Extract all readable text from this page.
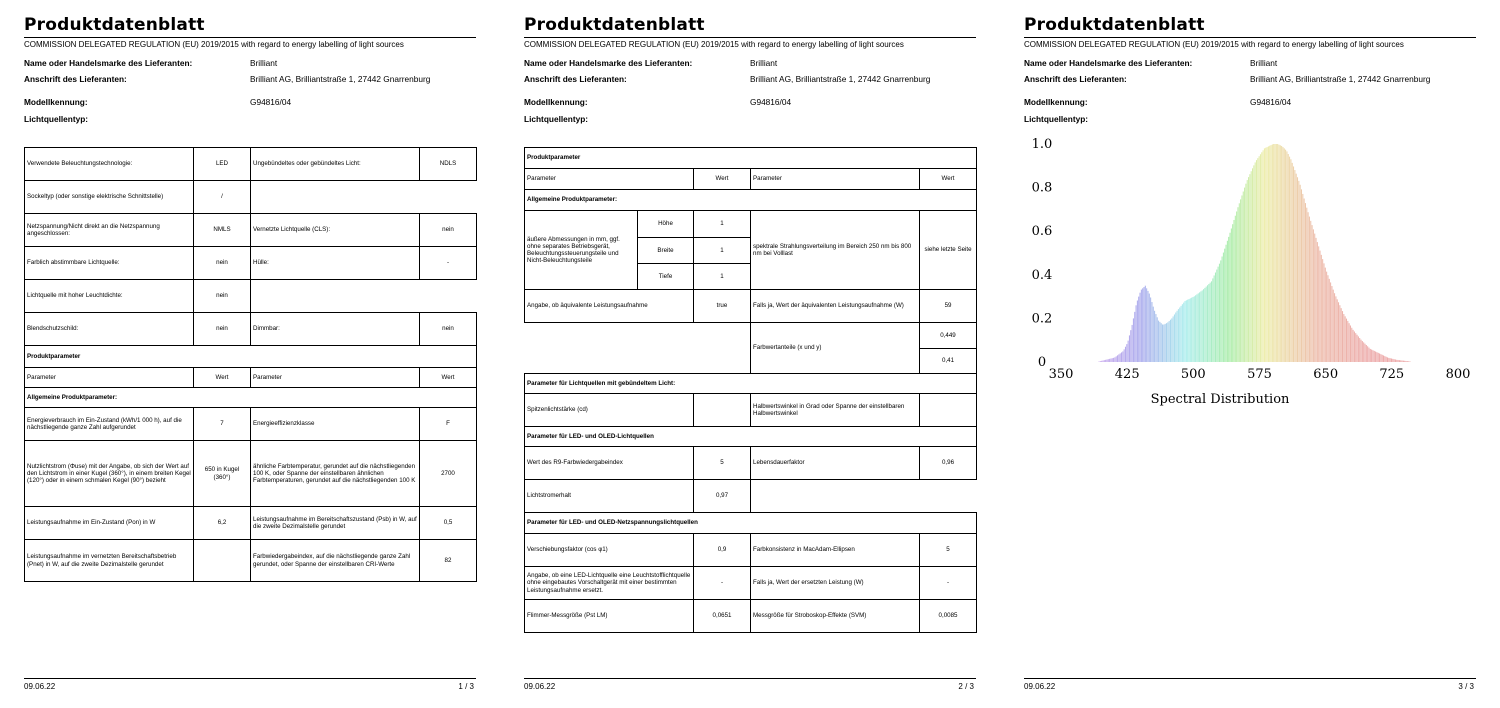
Produktdatenblatt
COMMISSION DELEGATED REGULATION (EU) 2019/2015 with regard to energy labelling of light sources
Name oder Handelsmarke des Lieferanten:	Brilliant
Anschrift des Lieferanten:	Brilliant AG, Brilliantstraße 1, 27442 Gnarrenburg
Modellkennung:	G94816/04
Lichtquellentyp:
Verwendete Beleuchtungstechnologie:	LED	Ungebündeltes oder gebündeltes Licht:	NDLS
Sockeltyp (oder sonstige elektrische Schnittstelle)	/		
Netzspannung/Nicht direkt an die Netzspannung angeschlossen:	NMLS	Vernetzte Lichtquelle (CLS):	nein
Farblich abstimmbare Lichtquelle:	nein	Hülle:	-
Lichtquelle mit hoher Leuchtdichte:	nein		
Blendschutzschild:	nein	Dimmbar:	nein
Produktparameter			
Parameter	Wert	Parameter	Wert
Allgemeine Produktparameter:			
Energieverbrauch im Ein-Zustand (kWh/1 000 h), auf die nächstliegende ganze Zahl aufgerundet	7	Energieeffizienzklasse	F
Nutzlichtstrom (Φuse) mit der Angabe, ob sich der Wert auf den Lichtstrom in einer Kugel (360°), in einem breiten Kegel (120°) oder in einem schmalen Kegel (90°) bezieht	650 in Kugel (360°)	ähnliche Farbtemperatur, gerundet auf die nächstliegenden 100 K, oder Spanne der einstellbaren ähnlichen Farbtemperaturen, gerundet auf die nächstliegenden 100 K	2700
Leistungsaufnahme im Ein-Zustand (Pon) in W	6,2	Leistungsaufnahme im Bereitschaftszustand (Psb) in W, auf die zweite Dezimalstelle gerundet	0,5
Leistungsaufnahme im vernetzten Bereitschaftsbetrieb (Pnet) in W, auf die zweite Dezimalstelle gerundet		Farbwiedergabeindex, auf die nächstliegende ganze Zahl gerundet, oder Spanne der einstellbaren CRI-Werte	82
09.06.22	1 / 3
Produktdatenblatt
COMMISSION DELEGATED REGULATION (EU) 2019/2015 with regard to energy labelling of light sources
Name oder Handelsmarke des Lieferanten:	Brilliant
Anschrift des Lieferanten:	Brilliant AG, Brilliantstraße 1, 27442 Gnarrenburg
Modellkennung:	G94816/04
Lichtquellentyp:
Produktparameter				
Parameter		Wert	Parameter	Wert
Allgemeine Produktparameter:				
äußere Abmessungen in mm, ggf. ohne separates Betriebsgerät, Beleuchtungssteuerungsteile und Nicht-Beleuchtungsteile	Höhe	1	spektrale Strahlungsverteilung im Bereich 250 nm bis 800 nm bei Volllast	siehe letzte Seite
	Breite	1		
	Tiefe	1		
Angabe, ob äquivalente Leistungsaufnahme		true	Falls ja, Wert der äquivalenten Leistungsaufnahme (W)	59
			Farbwertanteile (x und y)	0,449
				0,41
Parameter für Lichtquellen mit gebündeltem Licht:				
Spitzenlichtstärke (cd)			Halbwertswinkel in Grad oder Spanne der einstellbaren Halbwertswinkel	
Parameter für LED- und OLED-Lichtquellen				
Wert des R9-Farbwiedergabeindex		5	Lebensdauerfaktor	0,96
Lichtstromerhalt		0,97		
Parameter für LED- und OLED-Netzspannungslichtquellen				
Verschiebungsfaktor (cos φ1)		0,9	Farbkonsistenz in MacAdam-Ellipsen	5
Angabe, ob eine LED-Lichtquelle eine Leuchtstofflichtquelle ohne eingebautes Vorschaltgerät mit einer bestimmten Leistungsaufnahme ersetzt.		-	Falls ja, Wert der ersetzten Leistung (W)	-
Flimmer-Messgröße (Pst LM)		0,0651	Messgröße für Stroboskop-Effekte (SVM)	0,0085
09.06.22	2 / 3
Produktdatenblatt
COMMISSION DELEGATED REGULATION (EU) 2019/2015 with regard to energy labelling of light sources
Name oder Handelsmarke des Lieferanten:	Brilliant
Anschrift des Lieferanten:	Brilliant AG, Brilliantstraße 1, 27442 Gnarrenburg
Modellkennung:	G94816/04
Lichtquellentyp:
0
0.2
0.4
0.6
0.8
1.0
350	425	500	575	650	725	800
Spectral Distribution
09.06.22	3 / 3
